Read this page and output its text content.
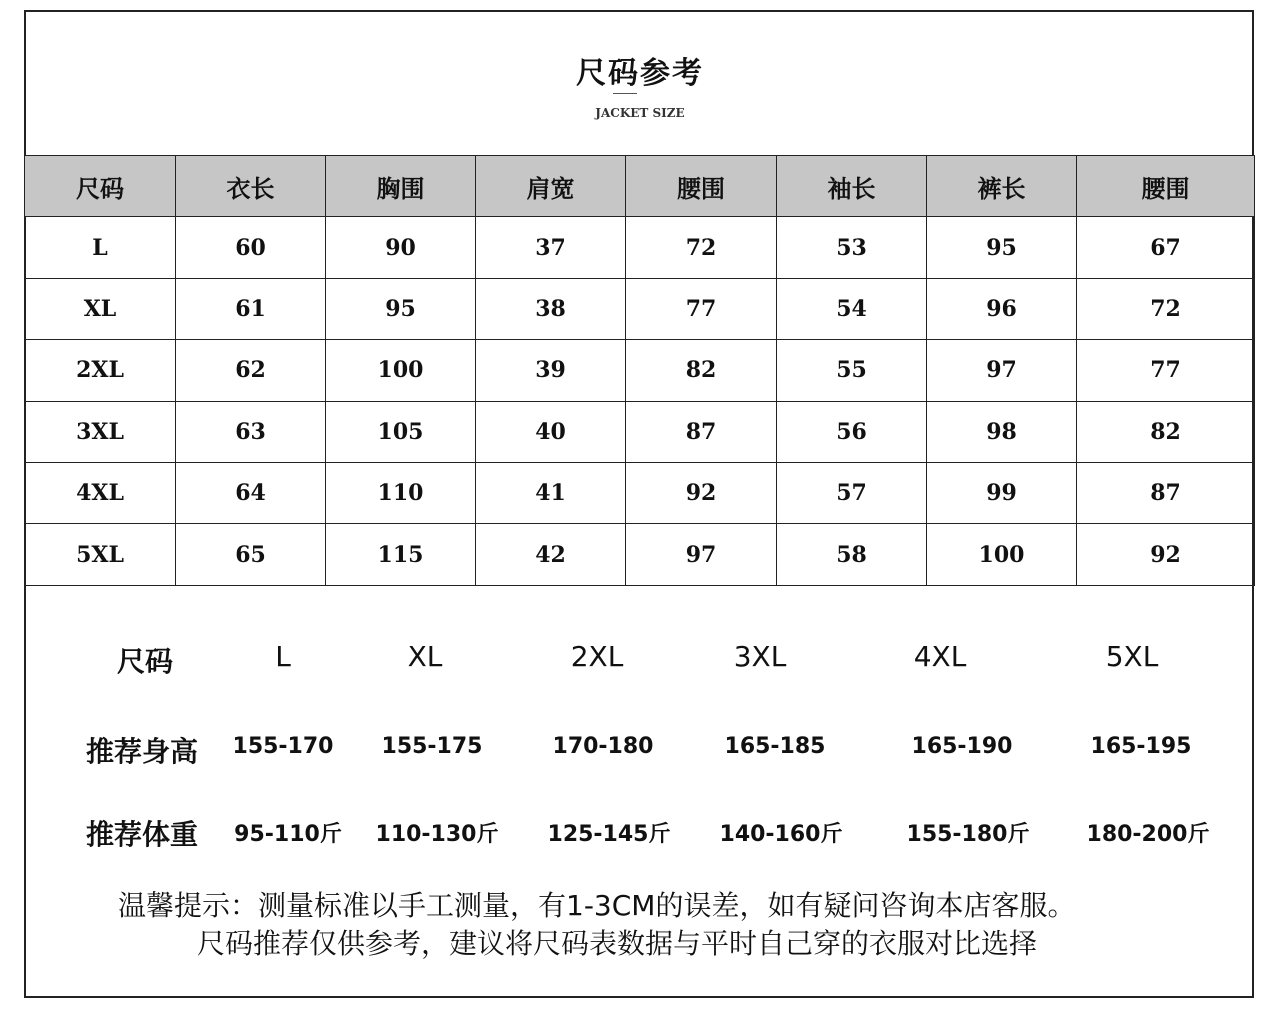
尺码参考
JACKET SIZE
尺码	衣长	胸围	肩宽	腰围	袖长	裤长	腰围
L	60	90	37	72	53	95	67
XL	61	95	38	77	54	96	72
2XL	62	100	39	82	55	97	77
3XL	63	105	40	87	56	98	82
4XL	64	110	41	92	57	99	87
5XL	65	115	42	97	58	100	92
尺码	L	XL	2XL	3XL	4XL	5XL
推荐身高 155-170 155-175	170-180	165-185	165-190	165-195
推荐体重 95-110斤 110-130斤 125-145斤 140-160斤	155-180斤	180-200斤
温馨提示：测量标准以手工测量，有1-3CM的误差，如有疑问咨询本店客服。
尺码推荐仅供参考，建议将尺码表数据与平时自己穿的衣服对比选择
